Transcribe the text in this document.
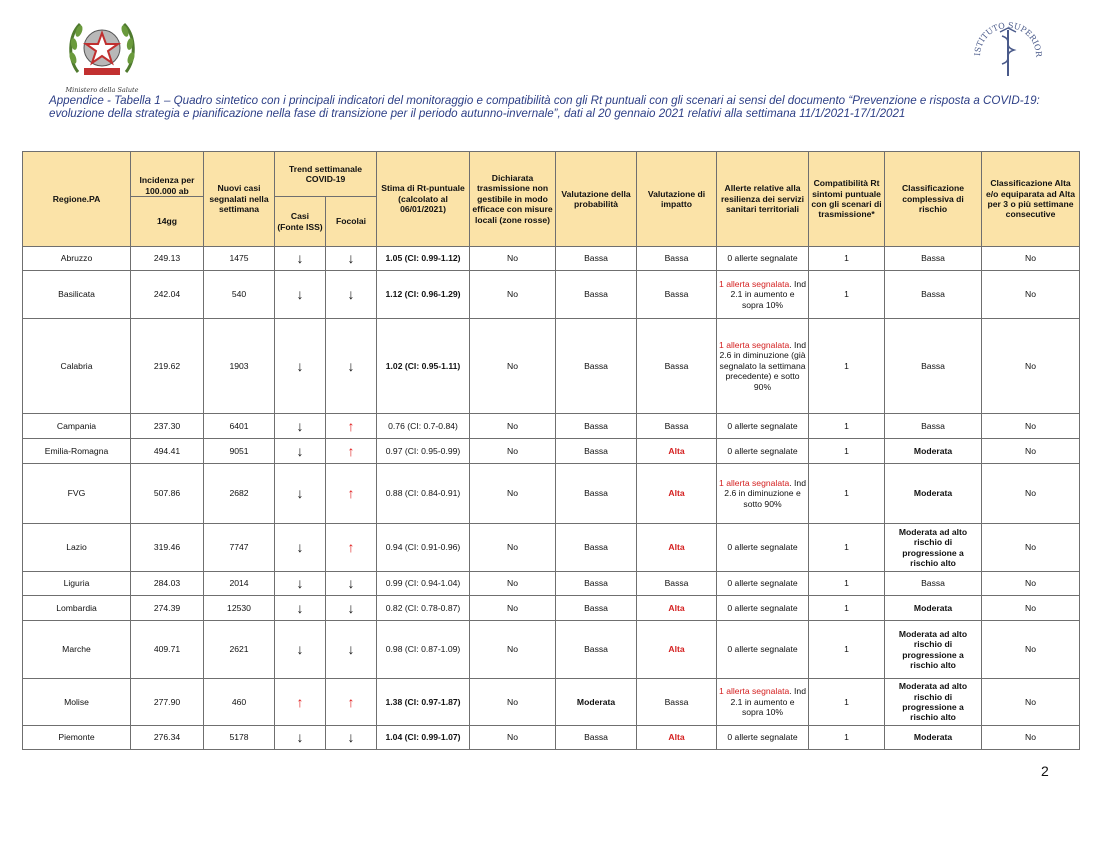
Ministero della Salute
ISTITUTO SUPERIOR
Appendice - Tabella 1 – Quadro sintetico con i principali indicatori del monitoraggio e compatibilità con gli Rt puntuali con gli scenari ai sensi del documento “Prevenzione e risposta a COVID-19: evoluzione della strategia e pianificazione nella fase di transizione per il periodo autunno-invernale”, dati al 20 gennaio 2021 relativi alla settimana 11/1/2021-17/1/2021
Regione.PA	Incidenza per 100.000 ab	Nuovi casi segnalati nella settimana	Trend settimanale COVID-19		Stima di Rt-puntuale (calcolato al 06/01/2021)	Dichiarata trasmissione non gestibile in modo efficace con misure locali (zone rosse)	Valutazione della probabilità	Valutazione di impatto	Allerte relative alla resilienza dei servizi sanitari territoriali	Compatibilità Rt sintomi puntuale con gli scenari di trasmissione*	Classificazione complessiva di rischio	Classificazione Alta e/o equiparata ad Alta per 3 o più settimane consecutive
	14gg		Casi (Fonte ISS)	Focolai								
Abruzzo	249.13	1475	↓	↓	1.05 (CI: 0.99-1.12)	No	Bassa	Bassa	0 allerte segnalate	1	Bassa	No
Basilicata	242.04	540	↓	↓	1.12 (CI: 0.96-1.29)	No	Bassa	Bassa	1 allerta segnalata. Ind 2.1 in aumento e sopra 10%	1	Bassa	No
Calabria	219.62	1903	↓	↓	1.02 (CI: 0.95-1.11)	No	Bassa	Bassa	1 allerta segnalata. Ind 2.6 in diminuzione (già segnalato la settimana precedente) e sotto 90%	1	Bassa	No
Campania	237.30	6401	↓	↑	0.76 (CI: 0.7-0.84)	No	Bassa	Bassa	0 allerte segnalate	1	Bassa	No
Emilia-Romagna	494.41	9051	↓	↑	0.97 (CI: 0.95-0.99)	No	Bassa	Alta	0 allerte segnalate	1	Moderata	No
FVG	507.86	2682	↓	↑	0.88 (CI: 0.84-0.91)	No	Bassa	Alta	1 allerta segnalata. Ind 2.6 in diminuzione e sotto 90%	1	Moderata	No
Lazio	319.46	7747	↓	↑	0.94 (CI: 0.91-0.96)	No	Bassa	Alta	0 allerte segnalate	1	Moderata ad alto rischio di progressione a rischio alto	No
Liguria	284.03	2014	↓	↓	0.99 (CI: 0.94-1.04)	No	Bassa	Bassa	0 allerte segnalate	1	Bassa	No
Lombardia	274.39	12530	↓	↓	0.82 (CI: 0.78-0.87)	No	Bassa	Alta	0 allerte segnalate	1	Moderata	No
Marche	409.71	2621	↓	↓	0.98 (CI: 0.87-1.09)	No	Bassa	Alta	0 allerte segnalate	1	Moderata ad alto rischio di progressione a rischio alto	No
Molise	277.90	460	↑	↑	1.38 (CI: 0.97-1.87)	No	Moderata	Bassa	1 allerta segnalata. Ind 2.1 in aumento e sopra 10%	1	Moderata ad alto rischio di progressione a rischio alto	No
Piemonte	276.34	5178	↓	↓	1.04 (CI: 0.99-1.07)	No	Bassa	Alta	0 allerte segnalate	1	Moderata	No
2
